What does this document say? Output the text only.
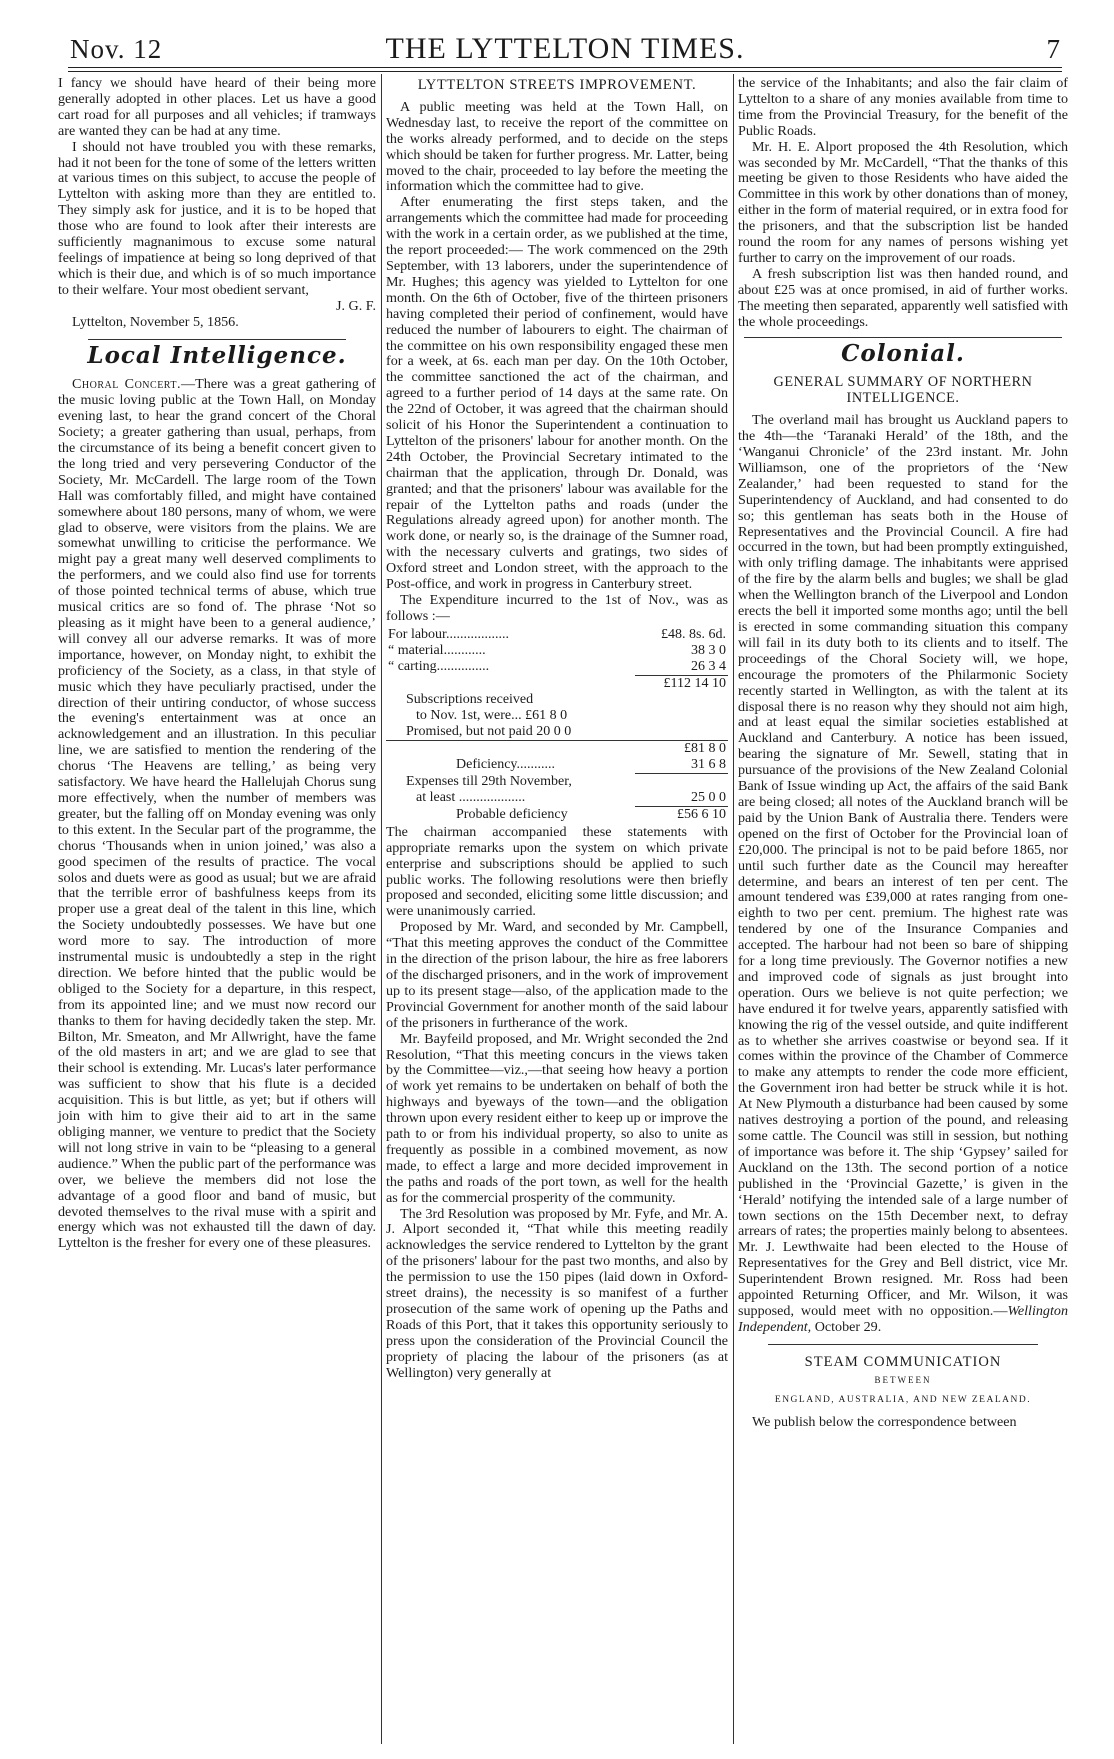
Nov. 12	THE LYTTELTON TIMES.	7

I fancy we should have heard of their being more generally adopted in other places. Let us have a good cart road for all purposes and all vehicles; if tramways are wanted they can be had at any time.

I should not have troubled you with these remarks, had it not been for the tone of some of the letters written at various times on this subject, to accuse the people of Lyttelton with asking more than they are entitled to. They simply ask for justice, and it is to be hoped that those who are found to look after their interests are sufficiently magnanimous to excuse some natural feelings of impatience at being so long deprived of that which is their due, and which is of so much importance to their welfare. Your most obedient servant,

J. G. F.

Lyttelton, November 5, 1856.

Local Intelligence.

Choral Concert.—There was a great gathering of the music loving public at the Town Hall, on Monday evening last, to hear the grand concert of the Choral Society; a greater gathering than usual, perhaps, from the circumstance of its being a benefit concert given to the long tried and very persevering Conductor of the Society, Mr. McCardell. The large room of the Town Hall was comfortably filled, and might have contained somewhere about 180 persons, many of whom, we were glad to observe, were visitors from the plains. We are somewhat unwilling to criticise the performance. We might pay a great many well deserved compliments to the performers, and we could also find use for torrents of those pointed technical terms of abuse, which true musical critics are so fond of. The phrase ‘Not so pleasing as it might have been to a general audience,’ will convey all our adverse remarks. It was of more importance, however, on Monday night, to exhibit the proficiency of the Society, as a class, in that style of music which they have peculiarly practised, under the direction of their untiring conductor, of whose success the evening's entertainment was at once an acknowledgement and an illustration. In this peculiar line, we are satisfied to mention the rendering of the chorus ‘The Heavens are telling,’ as being very satisfactory. We have heard the Hallelujah Chorus sung more effectively, when the number of members was greater, but the falling off on Monday evening was only to this extent. In the Secular part of the programme, the chorus ‘Thousands when in union joined,’ was also a good specimen of the results of practice. The vocal solos and duets were as good as usual; but we are afraid that the terrible error of bashfulness keeps from its proper use a great deal of the talent in this line, which the Society undoubtedly possesses. We have but one word more to say. The introduction of more instrumental music is undoubtedly a step in the right direction. We before hinted that the public would be obliged to the Society for a departure, in this respect, from its appointed line; and we must now record our thanks to them for having decidedly taken the step. Mr. Bilton, Mr. Smeaton, and Mr Allwright, have the fame of the old masters in art; and we are glad to see that their school is extending. Mr. Lucas's later performance was sufficient to show that his flute is a decided acquisition. This is but little, as yet; but if others will join with him to give their aid to art in the same obliging manner, we venture to predict that the Society will not long strive in vain to be “pleasing to a general audience.” When the public part of the performance was over, we believe the members did not lose the advantage of a good floor and band of music, but devoted themselves to the rival muse with a spirit and energy which was not exhausted till the dawn of day. Lyttelton is the fresher for every one of these pleasures.

LYTTELTON STREETS IMPROVEMENT.

A public meeting was held at the Town Hall, on Wednesday last, to receive the report of the committee on the works already performed, and to decide on the steps which should be taken for further progress. Mr. Latter, being moved to the chair, proceeded to lay before the meeting the information which the committee had to give.

After enumerating the first steps taken, and the arrangements which the committee had made for proceeding with the work in a certain order, as we published at the time, the report proceeded:— The work commenced on the 29th September, with 13 laborers, under the superintendence of Mr. Hughes; this agency was yielded to Lyttelton for one month. On the 6th of October, five of the thirteen prisoners having completed their period of confinement, would have reduced the number of labourers to eight. The chairman of the committee on his own responsibility engaged these men for a week, at 6s. each man per day. On the 10th October, the committee sanctioned the act of the chairman, and agreed to a further period of 14 days at the same rate. On the 22nd of October, it was agreed that the chairman should solicit of his Honor the Superintendent a continuation to Lyttelton of the prisoners' labour for another month. On the 24th October, the Provincial Secretary intimated to the chairman that the application, through Dr. Donald, was granted; and that the prisoners' labour was available for the repair of the Lyttelton paths and roads (under the Regulations already agreed upon) for another month. The work done, or nearly so, is the drainage of the Sumner road, with the necessary culverts and gratings, two sides of Oxford street and London street, with the approach to the Post-office, and work in progress in Canterbury street.

The Expenditure incurred to the 1st of Nov., was as follows :—

For labour..................	£48. 8s. 6d.
“ material............	38 3 0
“ carting...............	26 3 4
	£112 14 10
Subscriptions received	
to Nov. 1st, were... £61 8 0	
Promised, but not paid 20 0 0	
	£81 8 0
Deficiency...........	31 6 8
Expenses till 29th November,	
at least ...................	25 0 0
Probable deficiency	£56 6 10

The chairman accompanied these statements with appropriate remarks upon the system on which private enterprise and subscriptions should be applied to such public works. The following resolutions were then briefly proposed and seconded, eliciting some little discussion; and were unanimously carried.

Proposed by Mr. Ward, and seconded by Mr. Campbell, “That this meeting approves the conduct of the Committee in the direction of the prison labour, the hire as free laborers of the discharged prisoners, and in the work of improvement up to its present stage—also, of the application made to the Provincial Government for another month of the said labour of the prisoners in furtherance of the work.

Mr. Bayfeild proposed, and Mr. Wright seconded the 2nd Resolution, “That this meeting concurs in the views taken by the Committee—viz.,—that seeing how heavy a portion of work yet remains to be undertaken on behalf of both the highways and byeways of the town—and the obligation thrown upon every resident either to keep up or improve the path to or from his individual property, so also to unite as frequently as possible in a combined movement, as now made, to effect a large and more decided improvement in the paths and roads of the port town, as well for the health as for the commercial prosperity of the community.

The 3rd Resolution was proposed by Mr. Fyfe, and Mr. A. J. Alport seconded it, “That while this meeting readily acknowledges the service rendered to Lyttelton by the grant of the prisoners' labour for the past two months, and also by the permission to use the 150 pipes (laid down in Oxford-street drains), the necessity is so manifest of a further prosecution of the same work of opening up the Paths and Roads of this Port, that it takes this opportunity seriously to press upon the consideration of the Provincial Council the propriety of placing the labour of the prisoners (as at Wellington) very generally at

the service of the Inhabitants; and also the fair claim of Lyttelton to a share of any monies available from time to time from the Provincial Treasury, for the benefit of the Public Roads.

Mr. H. E. Alport proposed the 4th Resolution, which was seconded by Mr. McCardell, “That the thanks of this meeting be given to those Residents who have aided the Committee in this work by other donations than of money, either in the form of material required, or in extra food for the prisoners, and that the subscription list be handed round the room for any names of persons wishing yet further to carry on the improvement of our roads.

A fresh subscription list was then handed round, and about £25 was at once promised, in aid of further works. The meeting then separated, apparently well satisfied with the whole proceedings.

Colonial.
GENERAL SUMMARY OF NORTHERN
INTELLIGENCE.

The overland mail has brought us Auckland papers to the 4th—the ‘Taranaki Herald’ of the 18th, and the ‘Wanganui Chronicle’ of the 23rd instant. Mr. John Williamson, one of the proprietors of the ‘New Zealander,’ had been requested to stand for the Superintendency of Auckland, and had consented to do so; this gentleman has seats both in the House of Representatives and the Provincial Council. A fire had occurred in the town, but had been promptly extinguished, with only trifling damage. The inhabitants were apprised of the fire by the alarm bells and bugles; we shall be glad when the Wellington branch of the Liverpool and London erects the bell it imported some months ago; until the bell is erected in some commanding situation this company will fail in its duty both to its clients and to itself. The proceedings of the Choral Society will, we hope, encourage the promoters of the Philarmonic Society recently started in Wellington, as with the talent at its disposal there is no reason why they should not aim high, and at least equal the similar societies established at Auckland and Canterbury. A notice has been issued, bearing the signature of Mr. Sewell, stating that in pursuance of the provisions of the New Zealand Colonial Bank of Issue winding up Act, the affairs of the said Bank are being closed; all notes of the Auckland branch will be paid by the Union Bank of Australia there. Tenders were opened on the first of October for the Provincial loan of £20,000. The principal is not to be paid before 1865, nor until such further date as the Council may hereafter determine, and bears an interest of ten per cent. The amount tendered was £39,000 at rates ranging from one-eighth to two per cent. premium. The highest rate was tendered by one of the Insurance Companies and accepted. The harbour had not been so bare of shipping for a long time previously. The Governor notifies a new and improved code of signals as just brought into operation. Ours we believe is not quite perfection; we have endured it for twelve years, apparently satisfied with knowing the rig of the vessel outside, and quite indifferent as to whether she arrives coastwise or beyond sea. If it comes within the province of the Chamber of Commerce to make any attempts to render the code more efficient, the Government iron had better be struck while it is hot. At New Plymouth a disturbance had been caused by some natives destroying a portion of the pound, and releasing some cattle. The Council was still in session, but nothing of importance was before it. The ship ‘Gypsey’ sailed for Auckland on the 13th. The second portion of a notice published in the ‘Provincial Gazette,’ is given in the ‘Herald’ notifying the intended sale of a large number of town sections on the 15th December next, to defray arrears of rates; the properties mainly belong to absentees. Mr. J. Lewthwaite had been elected to the House of Representatives for the Grey and Bell district, vice Mr. Superintendent Brown resigned. Mr. Ross had been appointed Returning Officer, and Mr. Wilson, it was supposed, would meet with no opposition.—Wellington Independent, October 29.

STEAM COMMUNICATION
BETWEEN
ENGLAND, AUSTRALIA, AND NEW ZEALAND.

We publish below the correspondence between
